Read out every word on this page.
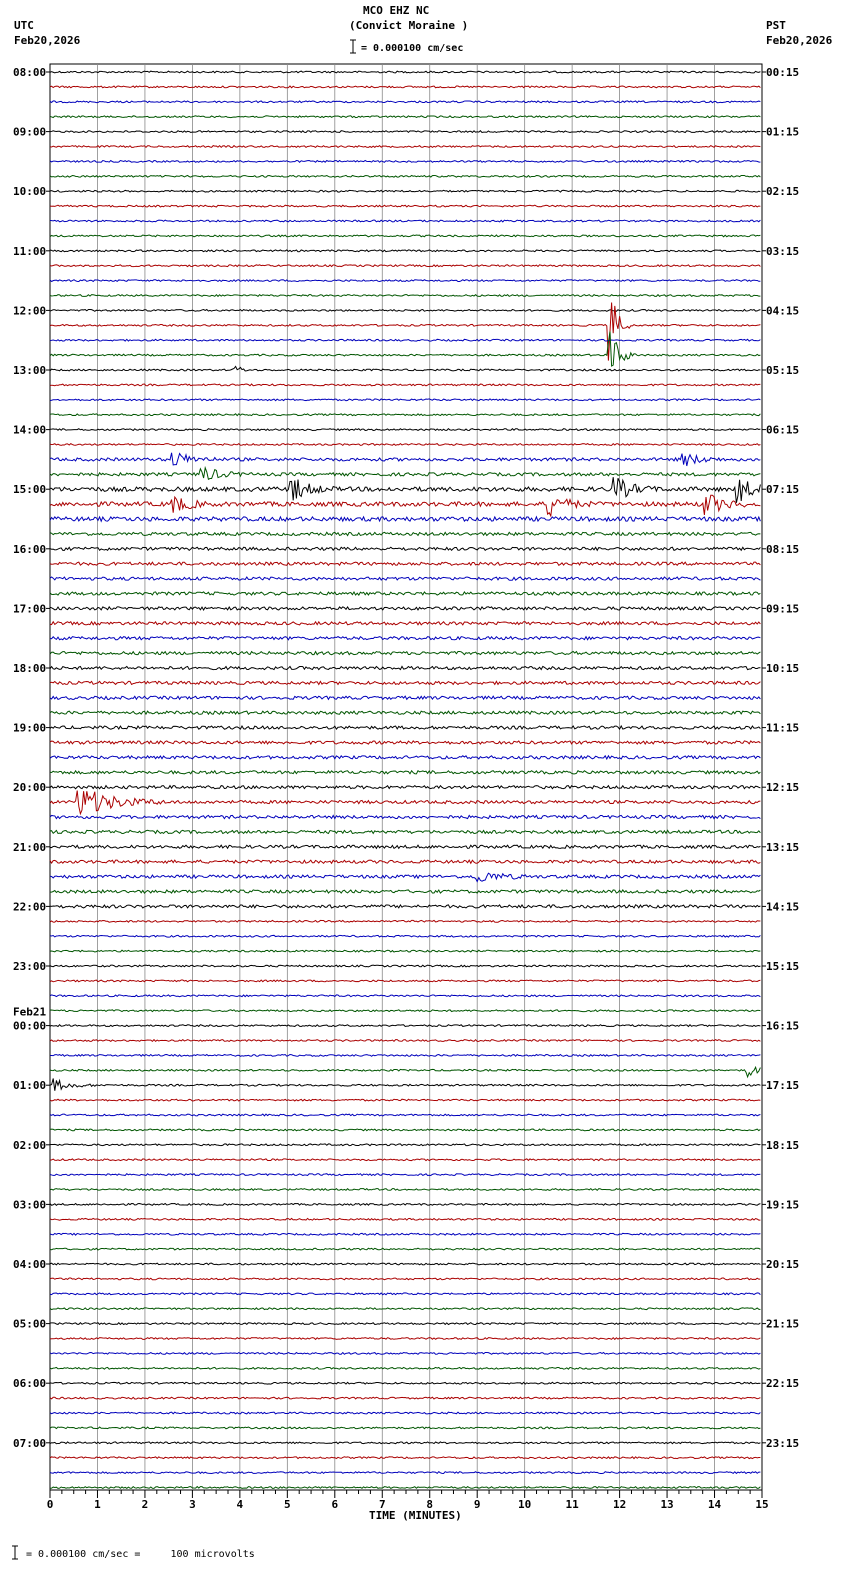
MCO EHZ NC
(Convict Moraine )
= 0.000100 cm/sec
UTC
Feb20,2026
PST
Feb20,2026
TIME (MINUTES)
= 0.000100 cm/sec =     100 microvolts
08:00
09:00
10:00
11:00
12:00
13:00
14:00
15:00
16:00
17:00
18:00
19:00
20:00
21:00
22:00
23:00
00:00
Feb21
01:00
02:00
03:00
04:00
05:00
06:00
07:00
00:15
01:15
02:15
03:15
04:15
05:15
06:15
07:15
08:15
09:15
10:15
11:15
12:15
13:15
14:15
15:15
16:15
17:15
18:15
19:15
20:15
21:15
22:15
23:15
0	1	2	3	4	5	6	7	8	9	10	11	12	13	14	15
